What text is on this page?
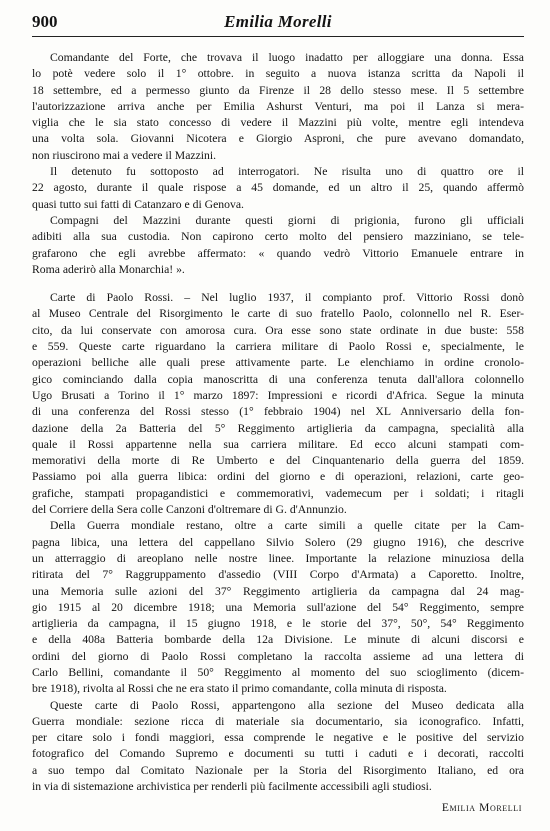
900	Emilia Morelli
Comandante del Forte, che trovava il luogo inadatto per alloggiare una donna. Essa
lo potè vedere solo il 1° ottobre. in seguito a nuova istanza scritta da Napoli il
18 settembre, ed a permesso giunto da Firenze il 28 dello stesso mese. Il 5 settembre
l'autorizzazione arriva anche per Emilia Ashurst Venturi, ma poi il Lanza si mera-
viglia che le sia stato concesso di vedere il Mazzini più volte, mentre egli intendeva
una volta sola. Giovanni Nicotera e Giorgio Asproni, che pure avevano domandato,
non riuscirono mai a vedere il Mazzini.
Il detenuto fu sottoposto ad interrogatori. Ne risulta uno di quattro ore il
22 agosto, durante il quale rispose a 45 domande, ed un altro il 25, quando affermò
quasi tutto sui fatti di Catanzaro e di Genova.
Compagni del Mazzini durante questi giorni di prigionia, furono gli ufficiali
adibiti alla sua custodia. Non capirono certo molto del pensiero mazziniano, se tele-
grafarono che egli avrebbe affermato: « quando vedrò Vittorio Emanuele entrare in
Roma aderirò alla Monarchia! ».
Carte di Paolo Rossi. – Nel luglio 1937, il compianto prof. Vittorio Rossi donò
al Museo Centrale del Risorgimento le carte di suo fratello Paolo, colonnello nel R. Eser-
cito, da lui conservate con amorosa cura. Ora esse sono state ordinate in due buste: 558
e 559. Queste carte riguardano la carriera militare di Paolo Rossi e, specialmente, le
operazioni belliche alle quali prese attivamente parte. Le elenchiamo in ordine cronolo-
gico cominciando dalla copia manoscritta di una conferenza tenuta dall'allora colonnello
Ugo Brusati a Torino il 1° marzo 1897: Impressioni e ricordi d'Africa. Segue la minuta
di una conferenza del Rossi stesso (1° febbraio 1904) nel XL Anniversario della fon-
dazione della 2a Batteria del 5° Reggimento artiglieria da campagna, specialità alla
quale il Rossi appartenne nella sua carriera militare. Ed ecco alcuni stampati com-
memorativi della morte di Re Umberto e del Cinquantenario della guerra del 1859.
Passiamo poi alla guerra libica: ordini del giorno e di operazioni, relazioni, carte geo-
grafiche, stampati propagandistici e commemorativi, vademecum per i soldati; i ritagli
del Corriere della Sera colle Canzoni d'oltremare di G. d'Annunzio.
Della Guerra mondiale restano, oltre a carte simili a quelle citate per la Cam-
pagna libica, una lettera del cappellano Silvio Solero (29 giugno 1916), che descrive
un atterraggio di areoplano nelle nostre linee. Importante la relazione minuziosa della
ritirata del 7° Raggruppamento d'assedio (VIII Corpo d'Armata) a Caporetto. Inoltre,
una Memoria sulle azioni del 37° Reggimento artiglieria da campagna dal 24 mag-
gio 1915 al 20 dicembre 1918; una Memoria sull'azione del 54° Reggimento, sempre
artiglieria da campagna, il 15 giugno 1918, e le storie del 37°, 50°, 54° Reggimento
e della 408a Batteria bombarde della 12a Divisione. Le minute di alcuni discorsi e
ordini del giorno di Paolo Rossi completano la raccolta assieme ad una lettera di
Carlo Bellini, comandante il 50° Reggimento al momento del suo scioglimento (dicem-
bre 1918), rivolta al Rossi che ne era stato il primo comandante, colla minuta di risposta.
Queste carte di Paolo Rossi, appartengono alla sezione del Museo dedicata alla
Guerra mondiale: sezione ricca di materiale sia documentario, sia iconografico. Infatti,
per citare solo i fondi maggiori, essa comprende le negative e le positive del servizio
fotografico del Comando Supremo e documenti su tutti i caduti e i decorati, raccolti
a suo tempo dal Comitato Nazionale per la Storia del Risorgimento Italiano, ed ora
in via di sistemazione archivistica per renderli più facilmente accessibili agli studiosi.
Emilia Morelli
